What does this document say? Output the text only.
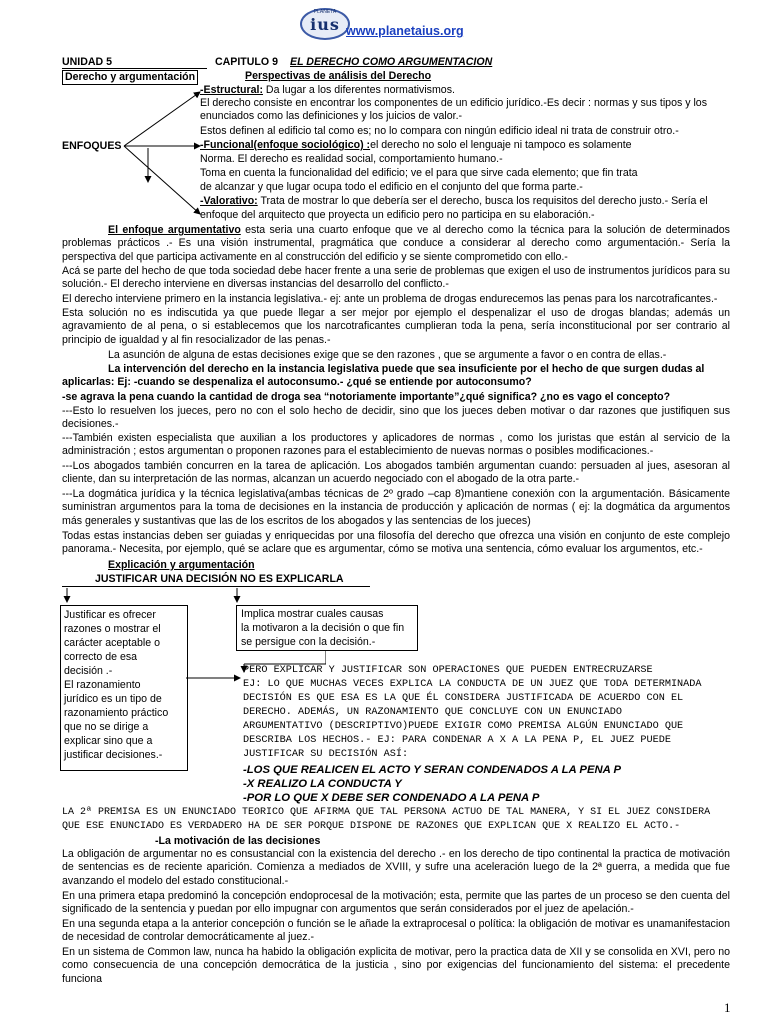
PLANETA
ius www.planetaius.org
UNIDAD 5	CAPITULO 9 EL DERECHO COMO ARGUMENTACION
Derecho y argumentación	Perspectivas de análisis del Derecho
ENFOQUES
-Estructural: Da lugar a los diferentes normativismos.
El derecho consiste en encontrar los componentes de un edificio jurídico.-Es decir : normas y sus tipos y los
enunciados como las definiciones y los juicios de valor.-
Estos definen al edificio tal como es; no lo compara con ningún edificio ideal ni trata de construir otro.-
-Funcional(enfoque sociológico) :el derecho no solo el lenguaje ni tampoco es solamente
Norma. El derecho es realidad social, comportamiento humano.-
Toma en cuenta la funcionalidad del edificio; ve el para que sirve cada elemento; que fin trata
de alcanzar y que lugar ocupa todo el edificio en el conjunto del que forma parte.-
-Valorativo: Trata de mostrar lo que debería ser el derecho, busca los requisitos del derecho justo.- Sería el
enfoque del arquitecto que proyecta un edificio pero no participa en su elaboración.-
El enfoque argumentativo esta seria una cuarto enfoque que ve al derecho como la técnica para la solución de determinados problemas prácticos .- Es una visión instrumental, pragmática que conduce a considerar al derecho como argumentación.- Sería la perspectiva del que participa activamente en al construcción del edificio y se siente comprometido con ello.-
Acá se parte del hecho de que toda sociedad debe hacer frente a una serie de problemas que exigen el uso de instrumentos jurídicos para su solución.- El derecho interviene en diversas instancias del desarrollo del conflicto.-
El derecho interviene primero en la instancia legislativa.- ej: ante un problema de drogas endurecemos las penas para los narcotraficantes.-
Esta solución no es indiscutida ya que puede llegar a ser mejor por ejemplo el despenalizar el uso de drogas blandas; además un agravamiento de al pena, o si establecemos que los narcotraficantes cumplieran toda la pena, sería inconstitucional por ser contrario al principio de igualdad y al fin resocializador de las penas.-
La asunción de alguna de estas decisiones exige que se den razones , que se argumente a favor o en contra de ellas.-
La intervención del derecho en la instancia legislativa puede que sea insuficiente por el hecho de que surgen dudas al aplicarlas: Ej: -cuando se despenaliza el autoconsumo.- ¿qué se entiende por autoconsumo?
-se agrava la pena cuando la cantidad de droga sea “notoriamente importante”¿qué significa? ¿no es vago el concepto?
---Esto lo resuelven los jueces, pero no con el solo hecho de decidir, sino que los jueces deben motivar o dar razones que justifiquen sus decisiones.-
---También existen especialista que auxilian a los productores y aplicadores de normas , como los juristas que están al servicio de la administración ; estos argumentan o proponen razones para el establecimiento de nuevas normas o posibles modificaciones.-
---Los abogados también concurren en la tarea de aplicación. Los abogados también argumentan cuando: persuaden al jues, asesoran al cliente, dan su interpretación de las normas, alcanzan un acuerdo negociado con el abogado de la otra parte.-
---La dogmática jurídica y la técnica legislativa(ambas técnicas de 2º grado –cap 8)mantiene conexión con la argumentación. Básicamente suministran argumentos para la toma de decisiones en la instancia de producción y aplicación de normas ( ej: la dogmática da argumentos más generales y sustantivas que las de los escritos de los abogados y las sentencias de los jueces)
Todas estas instancias deben ser guiadas y enriquecidas por una filosofía del derecho que ofrezca una visión en conjunto de este complejo panorama.- Necesita, por ejemplo, qué se aclare que es argumentar, cómo se motiva una sentencia, cómo evaluar los argumentos, etc.-
Explicación y argumentación
JUSTIFICAR UNA DECISIÓN NO ES EXPLICARLA
Justificar es ofrecer
razones o mostrar el
carácter aceptable o
correcto de esa
decisión .-
El razonamiento
jurídico es un tipo de
razonamiento práctico
que no se dirige a
explicar sino que a
justificar decisiones.-
Implica mostrar cuales causas
la motivaron a la decisión o que fin
se persigue con la decisión.-
PERO EXPLICAR Y JUSTIFICAR SON OPERACIONES QUE PUEDEN ENTRECRUZARSE
EJ: LO QUE MUCHAS VECES EXPLICA LA CONDUCTA DE UN JUEZ QUE TODA DETERMINADA
DECISIÓN ES QUE ESA ES LA QUE ÉL CONSIDERA JUSTIFICADA DE ACUERDO CON EL
DERECHO. ADEMÁS, UN RAZONAMIENTO QUE CONCLUYE CON UN ENUNCIADO
ARGUMENTATIVO (DESCRIPTIVO)PUEDE EXIGIR COMO PREMISA ALGÚN ENUNCIADO QUE
DESCRIBA LOS HECHOS.- EJ: PARA CONDENAR A X A LA PENA P, EL JUEZ PUEDE
JUSTIFICAR SU DECISIÓN ASÍ:
-LOS QUE REALICEN EL ACTO Y SERAN CONDENADOS A LA PENA P
-X REALIZO LA CONDUCTA Y
-POR LO QUE X DEBE SER CONDENADO A LA PENA P
LA 2ª PREMISA ES UN ENUNCIADO TEORICO QUE AFIRMA QUE TAL PERSONA ACTUO DE TAL MANERA, Y SI EL JUEZ CONSIDERA
QUE ESE ENUNCIADO ES VERDADERO HA DE SER PORQUE DISPONE DE RAZONES QUE EXPLICAN QUE X REALIZO EL ACTO.-
-La motivación de las decisiones
La obligación de argumentar no es consustancial con la existencia del derecho .- en los derecho de tipo continental la practica de motivación de sentencias es de reciente aparición. Comienza a mediados de XVIII, y sufre una aceleración luego de la 2ª guerra, a medida que fue avanzando el modelo del estado constitucional.-
En una primera etapa predominó la concepción endoprocesal de la motivación; esta, permite que las partes de un proceso se den cuenta del significado de la sentencia y puedan por ello impugnar con argumentos que serán considerados por el juez de apelación.-
En una segunda etapa a la anterior concepción o función se le añade la extraprocesal o política: la obligación de motivar es unamanifestacion de necesidad de controlar democráticamente al juez.-
En un sistema de Common law, nunca ha habido la obligación explicita de motivar, pero la practica data de XII y se consolida en XVI, pero no como consecuencia de una concepción democrática de la justicia , sino por exigencias del funcionamiento del sistema: el precedente funciona
1
